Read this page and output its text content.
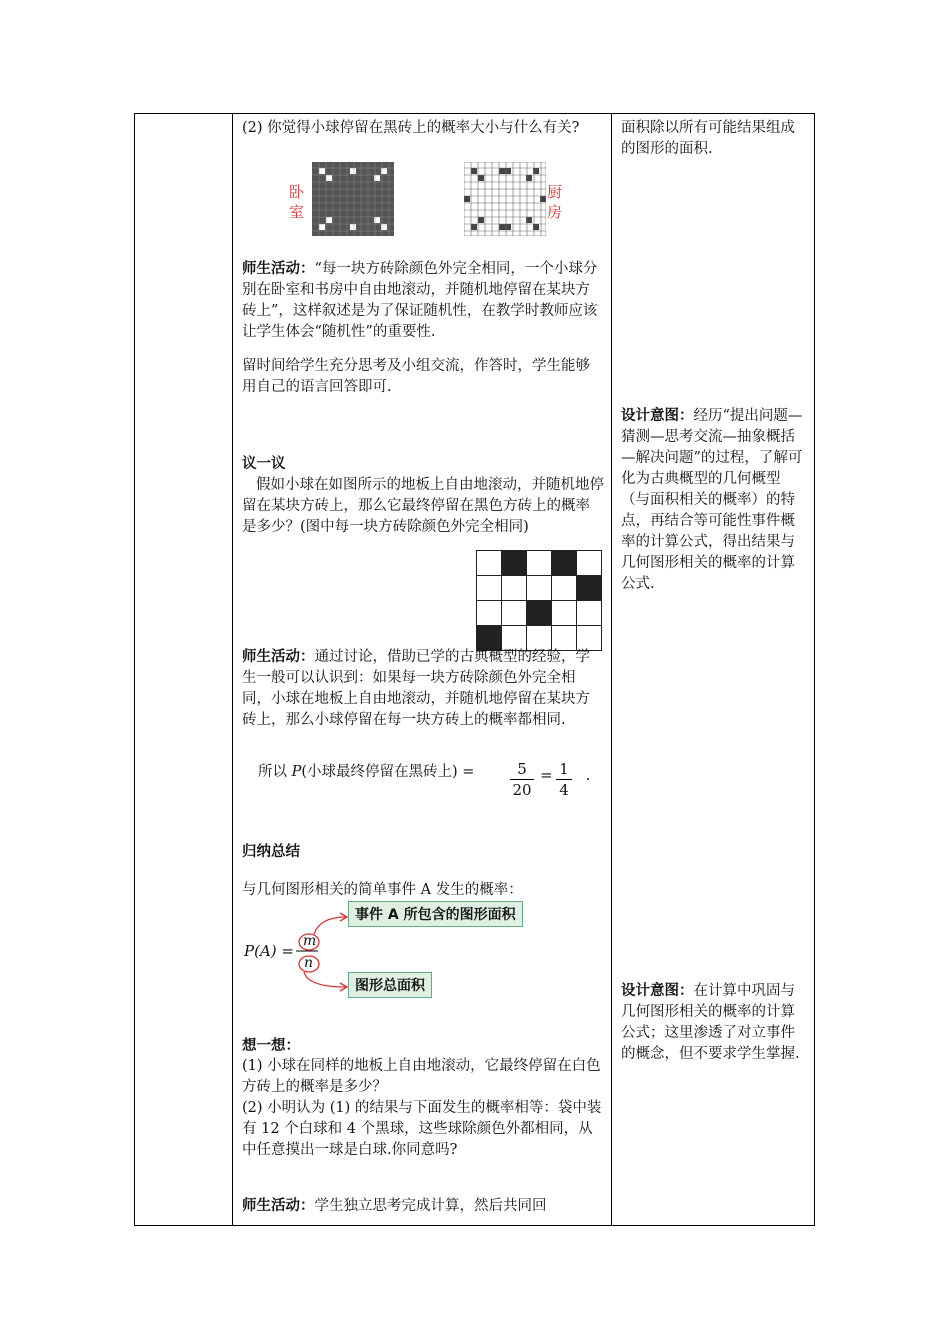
(2) 你觉得小球停留在黑砖上的概率大小与什么有关?

卧室
厨房

师生活动：“每一块方砖除颜色外完全相同，一个小球分别在卧室和书房中自由地滚动，并随机地停留在某块方砖上”，这样叙述是为了保证随机性，在教学时教师应该让学生体会“随机性”的重要性.

留时间给学生充分思考及小组交流，作答时，学生能够用自己的语言回答即可.

议一议

假如小球在如图所示的地板上自由地滚动，并随机地停留在某块方砖上，那么它最终停留在黑色方砖上的概率是多少？(图中每一块方砖除颜色外完全相同)

师生活动：通过讨论，借助已学的古典概型的经验，学生一般可以认识到：如果每一块方砖除颜色外完全相同，小球在地板上自由地滚动，并随机地停留在某块方砖上，那么小球停留在每一块方砖上的概率都相同.

所以 P(小球最终停留在黑砖上) = $\frac{5}{20} = \frac{1}{4}$ .

归纳总结

与几何图形相关的简单事件 A 发生的概率：

事件 A 所包含的图形面积
图形总面积
P(A) =
m
n

想一想：

(1) 小球在同样的地板上自由地滚动，它最终停留在白色方砖上的概率是多少？

(2) 小明认为 (1) 的结果与下面发生的概率相等：袋中装有 12 个白球和 4 个黑球，这些球除颜色外都相同，从中任意摸出一球是白球.你同意吗?

师生活动：学生独立思考完成计算，然后共同回

面积除以所有可能结果组成的图形的面积.

设计意图：经历“提出问题—猜测—思考交流—抽象概括—解决问题”的过程，了解可化为古典概型的几何概型（与面积相关的概率）的特点，再结合等可能性事件概率的计算公式，得出结果与几何图形相关的概率的计算公式.

设计意图：在计算中巩固与几何图形相关的概率的计算公式；这里渗透了对立事件的概念，但不要求学生掌握.
